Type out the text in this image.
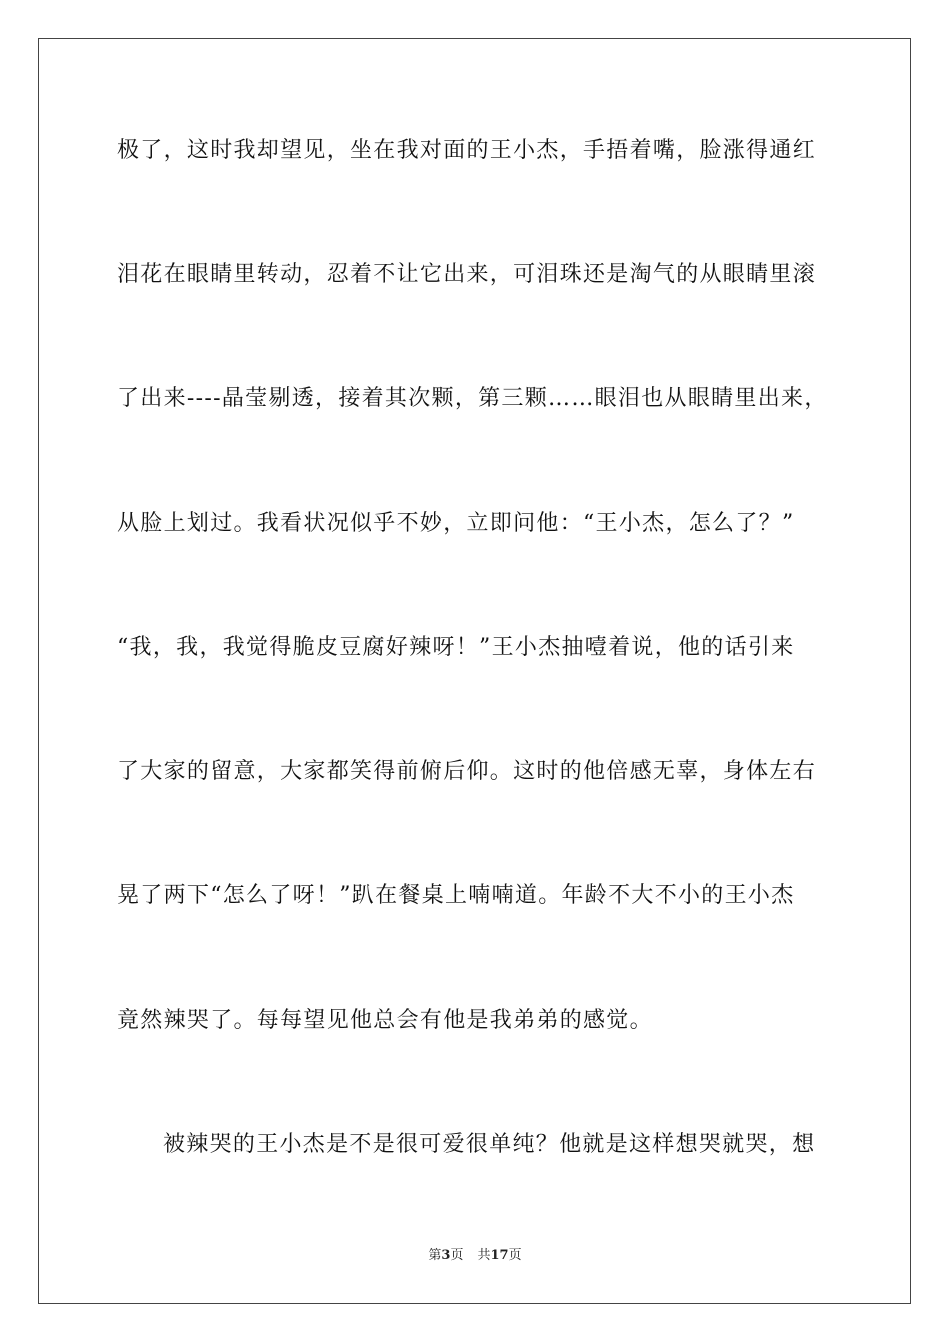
极了，这时我却望见，坐在我对面的王小杰，手捂着嘴，脸涨得通红
泪花在眼睛里转动，忍着不让它出来，可泪珠还是淘气的从眼睛里滚
了出来----晶莹剔透，接着其次颗，第三颗……眼泪也从眼睛里出来，
从脸上划过。我看状况似乎不妙，立即问他：“王小杰，怎么了？”
“我，我，我觉得脆皮豆腐好辣呀！”王小杰抽噎着说，他的话引来
了大家的留意，大家都笑得前俯后仰。这时的他倍感无辜，身体左右
晃了两下“怎么了呀！”趴在餐桌上喃喃道。年龄不大不小的王小杰
竟然辣哭了。每每望见他总会有他是我弟弟的感觉。
被辣哭的王小杰是不是很可爱很单纯？他就是这样想哭就哭，想
第3页 共17页
